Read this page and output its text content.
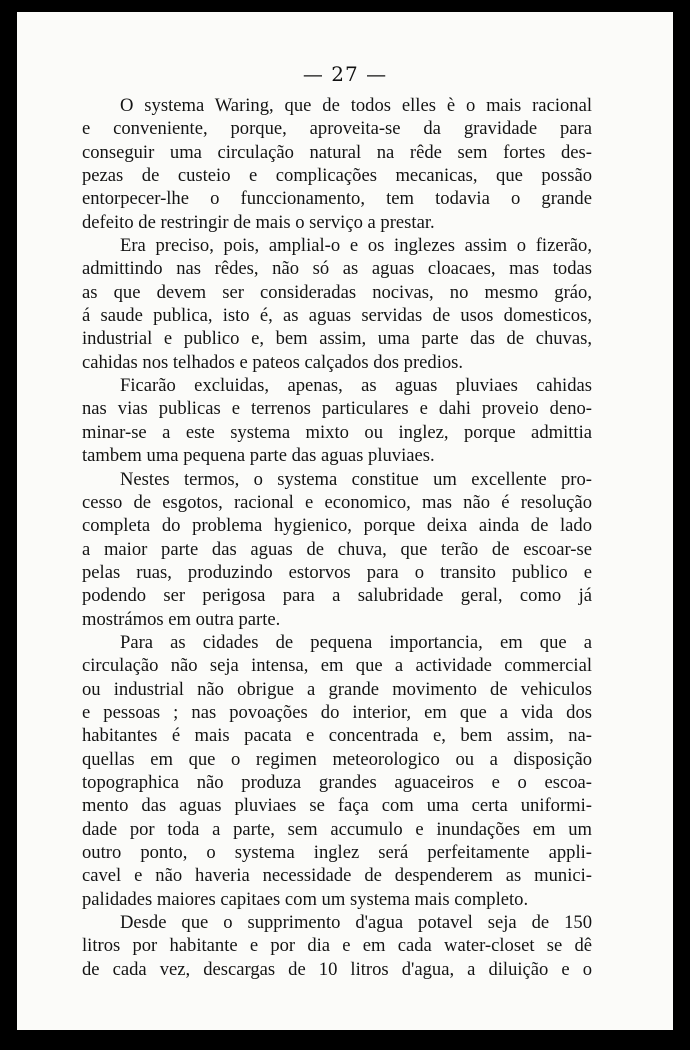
— 27 —
O systema Waring, que de todos elles è o mais racional
e conveniente, porque, aproveita-se da gravidade para
conseguir uma circulação natural na rêde sem fortes des-
pezas de custeio e complicações mecanicas, que possão
entorpecer-lhe o funccionamento, tem todavia o grande
defeito de restringir de mais o serviço a prestar.
Era preciso, pois, amplial-o e os inglezes assim o fizerão,
admittindo nas rêdes, não só as aguas cloacaes, mas todas
as que devem ser consideradas nocivas, no mesmo gráo,
á saude publica, isto é, as aguas servidas de usos domesticos,
industrial e publico e, bem assim, uma parte das de chuvas,
cahidas nos telhados e pateos calçados dos predios.
Ficarão excluidas, apenas, as aguas pluviaes cahidas
nas vias publicas e terrenos particulares e dahi proveio deno-
minar-se a este systema mixto ou inglez, porque admittia
tambem uma pequena parte das aguas pluviaes.
Nestes termos, o systema constitue um excellente pro-
cesso de esgotos, racional e economico, mas não é resolução
completa do problema hygienico, porque deixa ainda de lado
a maior parte das aguas de chuva, que terão de escoar-se
pelas ruas, produzindo estorvos para o transito publico e
podendo ser perigosa para a salubridade geral, como já
mostrámos em outra parte.
Para as cidades de pequena importancia, em que a
circulação não seja intensa, em que a actividade commercial
ou industrial não obrigue a grande movimento de vehiculos
e pessoas ; nas povoações do interior, em que a vida dos
habitantes é mais pacata e concentrada e, bem assim, na-
quellas em que o regimen meteorologico ou a disposição
topographica não produza grandes aguaceiros e o escoa-
mento das aguas pluviaes se faça com uma certa uniformi-
dade por toda a parte, sem accumulo e inundações em um
outro ponto, o systema inglez será perfeitamente appli-
cavel e não haveria necessidade de despenderem as munici-
palidades maiores capitaes com um systema mais completo.
Desde que o supprimento d'agua potavel seja de 150
litros por habitante e por dia e em cada water-closet se dê
de cada vez, descargas de 10 litros d'agua, a diluição e o
